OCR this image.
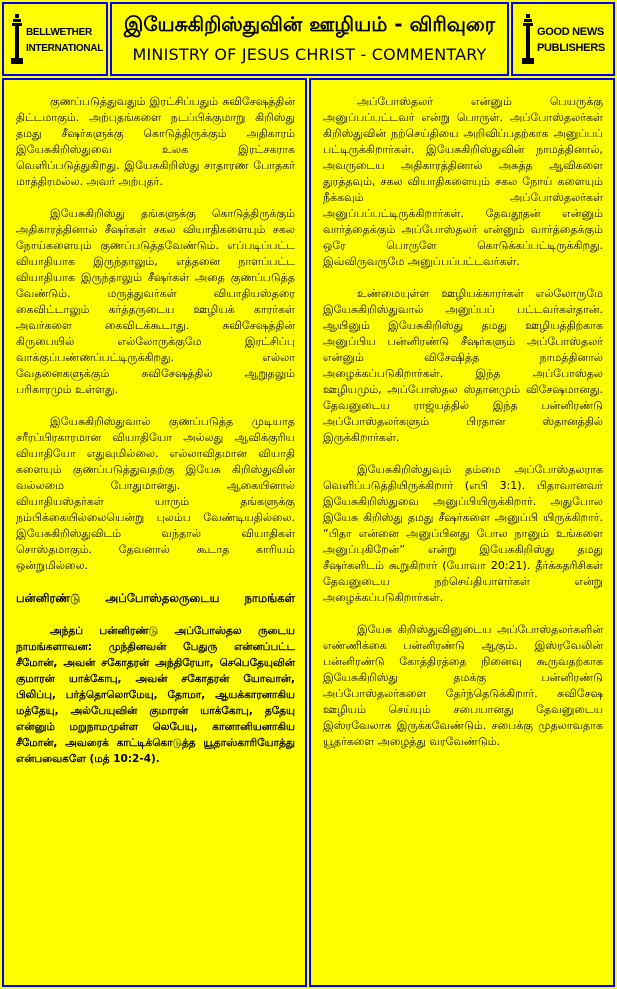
BELLWETHER
INTERNATIONAL
இயேசுகிறிஸ்துவின் ஊழியம் - விரிவுரை
MINISTRY OF JESUS CHRIST - COMMENTARY
GOOD NEWS
PUBLISHERS

குணப்படுத்துவதும் இரட்சிப்பதும் சுவிசேஷத்தின் திட்டமாகும். அற்புதங்களை நடப்பிக்குமாறு கிறிஸ்து தமது சீஷர்களுக்கு கொடுத்திருக்கும் அதிகாரம் இயேசுகிறிஸ்துவை உலக இரட்சகராக வெளிப்படுத்துகிறது. இயேசுகிறிஸ்து சாதாரண போதகர் மாத்திரமல்ல. அவர் அற்புதர்.

இயேசுகிறிஸ்து தங்களுக்கு கொடுத்திருக்கும் அதிகாரத்தினால் சீஷர்கள் சகல வியாதிகளையும் சகல நோய்களையும் குணப்படுத்தவேண்டும். எப்படிப்பட்ட வியாதியாக இருந்தாலும், எத்தனை நாளப்பட்ட வியாதியாக இருந்தாலும் சீஷர்கள் அதை குணப்படுத்த வேண்டும். மருத்துவர்கள் வியாதியஸ்தரை கைவிட்டாலும் கர்த்தருடைய ஊழியக் காரர்கள் அவர்களை கைவிடக்கூடாது. சுவிசேஷத்தின் கிருபையில் எல்லோருக்குமே இரட்சிப்பு வாக்குப்பண்ணப்பட்டிருக்கிறது. எல்லா வேதனைகளுக்கும் சுவிசேஷத்தில் ஆறுதலும் பரிகாரமும் உள்ளது.

இயேசுகிறிஸ்துவால் குணப்படுத்த முடியாத சரீரப்பிரகாரமான வியாதியோ அல்லது ஆவிக்குரிய வியாதியோ எதுவுமில்லை. எல்லாவிதமான வியாதி களையும் குணப்படுத்துவதற்கு இயேசு கிறிஸ்துவின் வல்லமை போதுமானது. ஆகையினால் வியாதியஸ்தர்கள் யாரும் தங்களுக்கு நம்பிக்கையில்லையென்று புலம்ப வேண்டியதில்லை. இயேசுகிறிஸ்துவிடம் வந்தால் வியாதிகள் சொஸ்தமாகும். தேவனால் கூடாத காரியம் ஒன்றுமில்லை.

பன்னிரண்டு அப்போஸ்தலருடைய நாமங்கள்

அந்தப் பன்னிரண்டு அப்போஸ்தல ருடைய நாமங்களாவன: முந்தினவன் பேதுரு என்னப்பட்ட சீமோன், அவன் சகோதரன் அந்திரேயா, செபெதேயுவின் குமாரன் யாக்கோபு, அவன் சகோதரன் யோவான், பிலிப்பு, பர்த்தொலொமேயு, தோமா, ஆயக்காரனாகிய மத்தேயு, அல்பேயுவின் குமாரன் யாக்கோபு, ததேயு என்னும் மறுநாமமுள்ள லெபேயு, கானானியனாகிய சீமோன், அவரைக் காட்டிக்கொடுத்த யூதாஸ்காரியோத்து என்பவைகளே (மத் 10:2-4).

அப்போஸ்தலர் என்னும் பெயருக்கு அனுப்பப்பட்டவர் என்று பொருள். அப்போஸ்தலர்கள் கிறிஸ்துவின் நற்செய்தியை அறிவிப்பதற்காக அனுப்பப் பட்டிருக்கிறார்கள். இயேசுகிறிஸ்துவின் நாமத்தினால், அவருடைய அதிகாரத்தினால் அசுத்த ஆவிகளை துரத்தவும், சகல வியாதிகளையும் சகல நோய் களையும் நீக்கவும் அப்போஸ்தலர்கள் அனுப்பப்பட்டிருக்கிறார்கள். தேவதூதன் என்னும் வார்த்தைக்கும் அப்போஸ்தலர் என்னும் வார்த்தைக்கும் ஒரே பொருளே கொடுக்கப்பட்டிருக்கிறது. இவ்விருவருமே அனுப்பப்பட்டவர்கள்.

உண்மையுள்ள ஊழியக்காரர்கள் எல்லோருமே இயேசுகிறிஸ்துவால் அனுப்பப் பட்டவர்கள்தான். ஆயினும் இயேசுகிறிஸ்து தமது ஊழியத்திற்காக அனுப்பிய பன்னிரண்டு சீஷர்களும் அப்போஸ்தலர் என்னும் விசேஷித்த நாமத்தினால் அழைக்கப்படுகிறார்கள். இந்த அப்போஸ்தல ஊழியமும், அப்போஸ்தல ஸ்தானமும் விசேஷமானது. தேவனுடைய ராஜ்யத்தில் இந்த பன்னிரண்டு அப்போஸ்தலர்களும் பிரதான ஸ்தானத்தில் இருக்கிறார்கள்.

இயேசுகிறிஸ்துவும் தம்மை அப்போஸ்தலராக வெளிப்படுத்தியிருக்கிறார் (எபி 3:1). பிதாவானவர் இயேசுகிறிஸ்துவை அனுப்பியிருக்கிறார். அதுபோல இயேசு கிறிஸ்து தமது சீஷர்களை அனுப்பி யிருக்கிறார். “பிதா என்னை அனுப்பினது போல நானும் உங்களை அனுப்புகிறேன்” என்று இயேசுகிறிஸ்து தமது சீஷர்களிடம் கூறுகிறார் (யோவா 20:21). தீர்க்கதரிசிகள் தேவனுடைய நற்செய்தியாளர்கள் என்று அழைக்கப்படுகிறார்கள்.

இயேசு கிறிஸ்துவினுடைய அப்போஸ்தலர்களின் எண்ணிக்கை பன்னிரண்டு ஆகும். இஸ்ரவேலின் பன்னிரண்டு கோத்திரத்தை நினைவு கூருவதற்காக இயேசுகிறிஸ்து தமக்கு பன்னிரண்டு அப்போஸ்தலர்களை தேர்ந்தெடுக்கிறார். சுவிசேஷ ஊழியம் செய்யும் சபையானது தேவனுடைய இஸ்ரவேலாக இருக்கவேண்டும். சபைக்கு முதலாவதாக யூதர்களை அழைத்து வரவேண்டும்.
